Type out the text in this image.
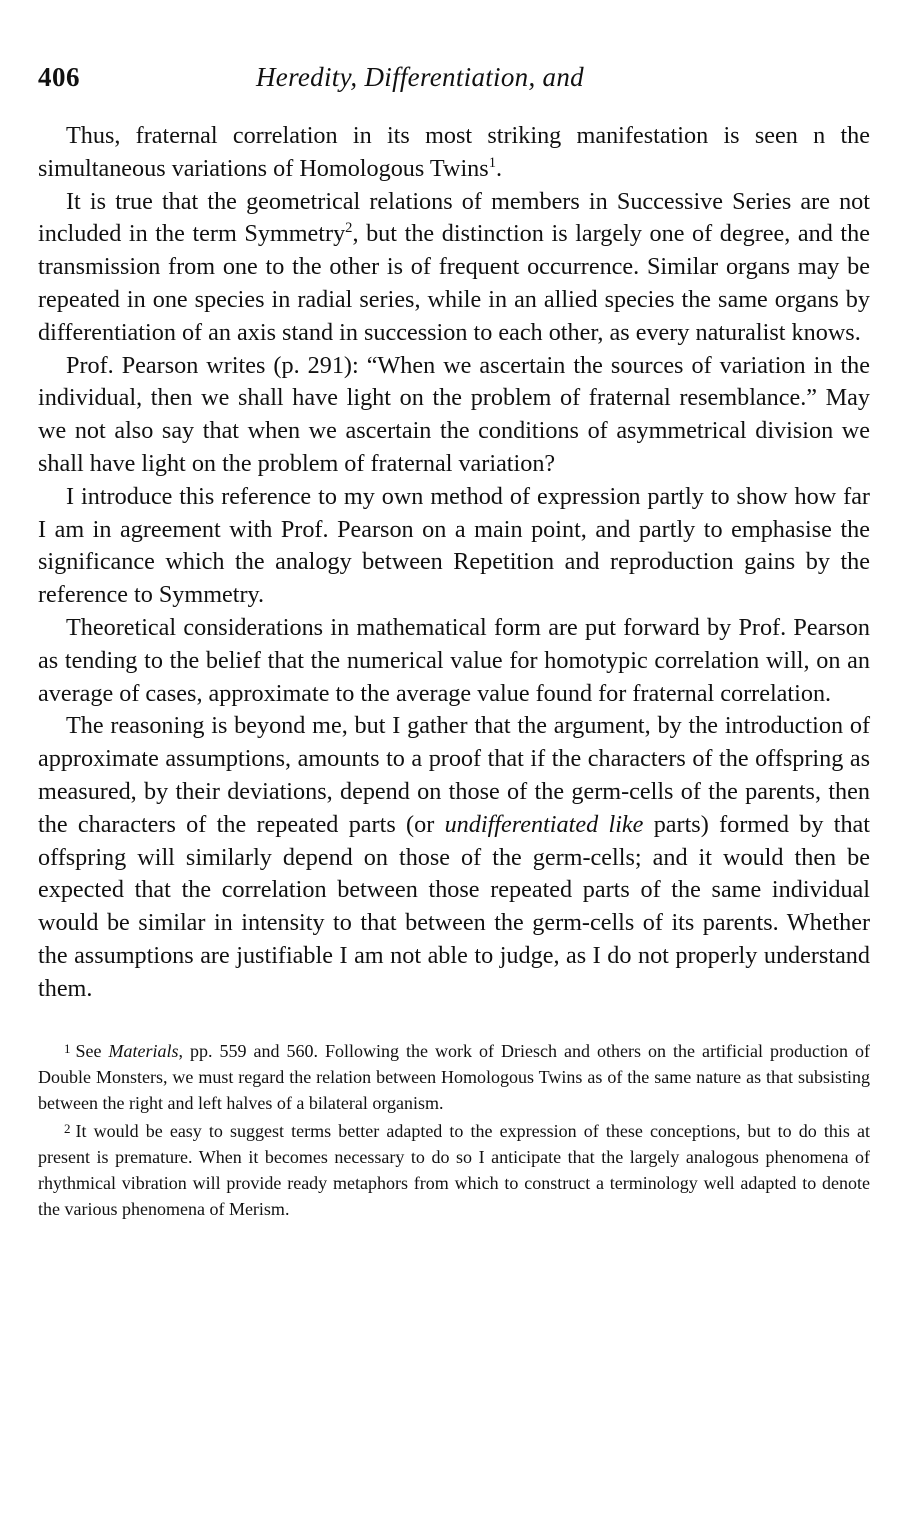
406	Heredity, Differentiation, and

Thus, fraternal correlation in its most striking manifestation is seen n the simultaneous variations of Homologous Twins$^1$.

It is true that the geometrical relations of members in Successive Series are not included in the term Symmetry$^2$, but the distinction is largely one of degree, and the transmission from one to the other is of frequent occurrence. Similar organs may be repeated in one species in radial series, while in an allied species the same organs by differentiation of an axis stand in succession to each other, as every naturalist knows.

Prof. Pearson writes (p. 291): “When we ascertain the sources of variation in the individual, then we shall have light on the problem of fraternal resemblance.” May we not also say that when we ascertain the conditions of asymmetrical division we shall have light on the problem of fraternal variation?

I introduce this reference to my own method of expression partly to show how far I am in agreement with Prof. Pearson on a main point, and partly to emphasise the significance which the analogy between Repetition and reproduction gains by the reference to Symmetry.

Theoretical considerations in mathematical form are put forward by Prof. Pearson as tending to the belief that the numerical value for homotypic correlation will, on an average of cases, approximate to the average value found for fraternal correlation.

The reasoning is beyond me, but I gather that the argument, by the introduction of approximate assumptions, amounts to a proof that if the characters of the offspring as measured, by their deviations, depend on those of the germ-cells of the parents, then the characters of the repeated parts (or undifferentiated like parts) formed by that offspring will similarly depend on those of the germ-cells; and it would then be expected that the correlation between those repeated parts of the same individual would be similar in intensity to that between the germ-cells of its parents. Whether the assumptions are justifiable I am not able to judge, as I do not properly understand them.

$^1$ See Materials, pp. 559 and 560. Following the work of Driesch and others on the artificial production of Double Monsters, we must regard the relation between Homologous Twins as of the same nature as that subsisting between the right and left halves of a bilateral organism.

$^2$ It would be easy to suggest terms better adapted to the expression of these conceptions, but to do this at present is premature. When it becomes necessary to do so I anticipate that the largely analogous phenomena of rhythmical vibration will provide ready metaphors from which to construct a terminology well adapted to denote the various phenomena of Merism.
